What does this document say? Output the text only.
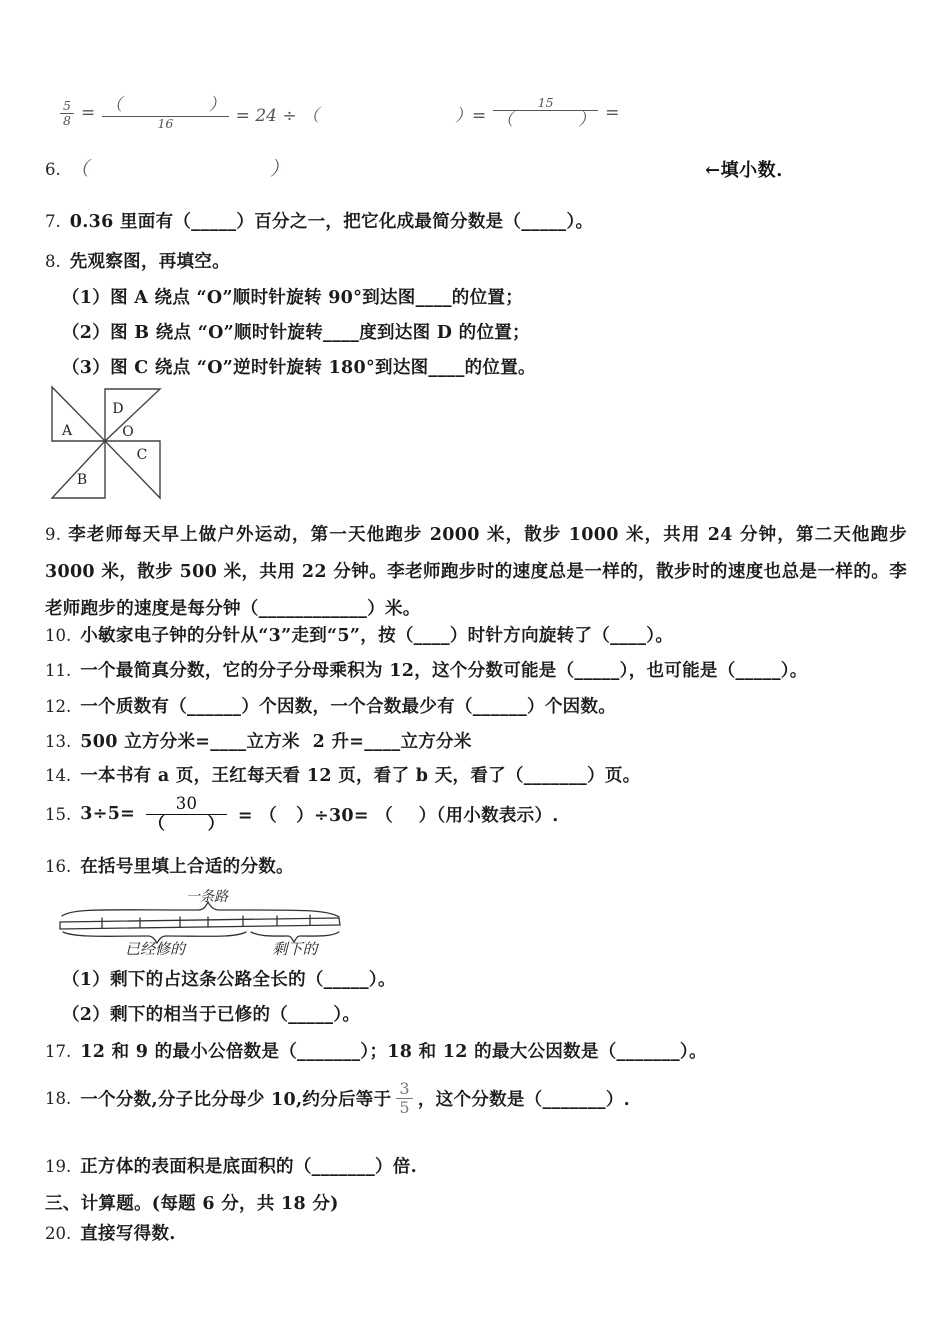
$\frac{5}{8} = \frac{( )}{16} = 24$ ÷ （	）= $\frac{15}{( )}$ =
6. （                              ）	←填小数.
7. 0.36 里面有（_____）百分之一，把它化成最简分数是（_____）。
8. 先观察图，再填空。
（1）图 A 绕点 “O”顺时针旋转 90°到达图____的位置；
（2）图 B 绕点 “O”顺时针旋转____度到达图 D 的位置；
（3）图 C 绕点 “O”逆时针旋转 180°到达图____的位置。
A
D
O
C
B
9. 李老师每天早上做户外运动，第一天他跑步 2000 米，散步 1000 米，共用 24 分钟，第二天他跑步 3000 米，散步 500 米，共用 22 分钟。李老师跑步时的速度总是一样的，散步时的速度也总是一样的。李老师跑步的速度是每分钟（____________）米。
10. 小敏家电子钟的分针从“3”走到“5”，按（____）时针方向旋转了（____）。
11. 一个最简真分数，它的分子分母乘积为 12，这个分数可能是（_____），也可能是（_____）。
12. 一个质数有（______）个因数，一个合数最少有（______）个因数。
13. 500 立方分米=____立方米  2 升=____立方分米
14. 一本书有 a 页，王红每天看 12 页，看了 b 天，看了（_______）页。
15. $3\div 5= \frac{30}{( )}$ = （   ）÷30= （    ）（用小数表示）.
16. 在括号里填上合适的分数。
一条路
已经修的	剩下的
（1）剩下的占这条公路全长的（_____）。
（2）剩下的相当于已修的（_____）。
17. 12 和 9 的最小公倍数是（_______）；18 和 12 的最大公因数是（_______）。
18. 一个分数,分子比分母少 10,约分后等于 $\frac{3}{5}$ ，这个分数是（_______）.
19. 正方体的表面积是底面积的（_______）倍.
三、计算题。(每题 6 分，共 18 分)
20. 直接写得数.
